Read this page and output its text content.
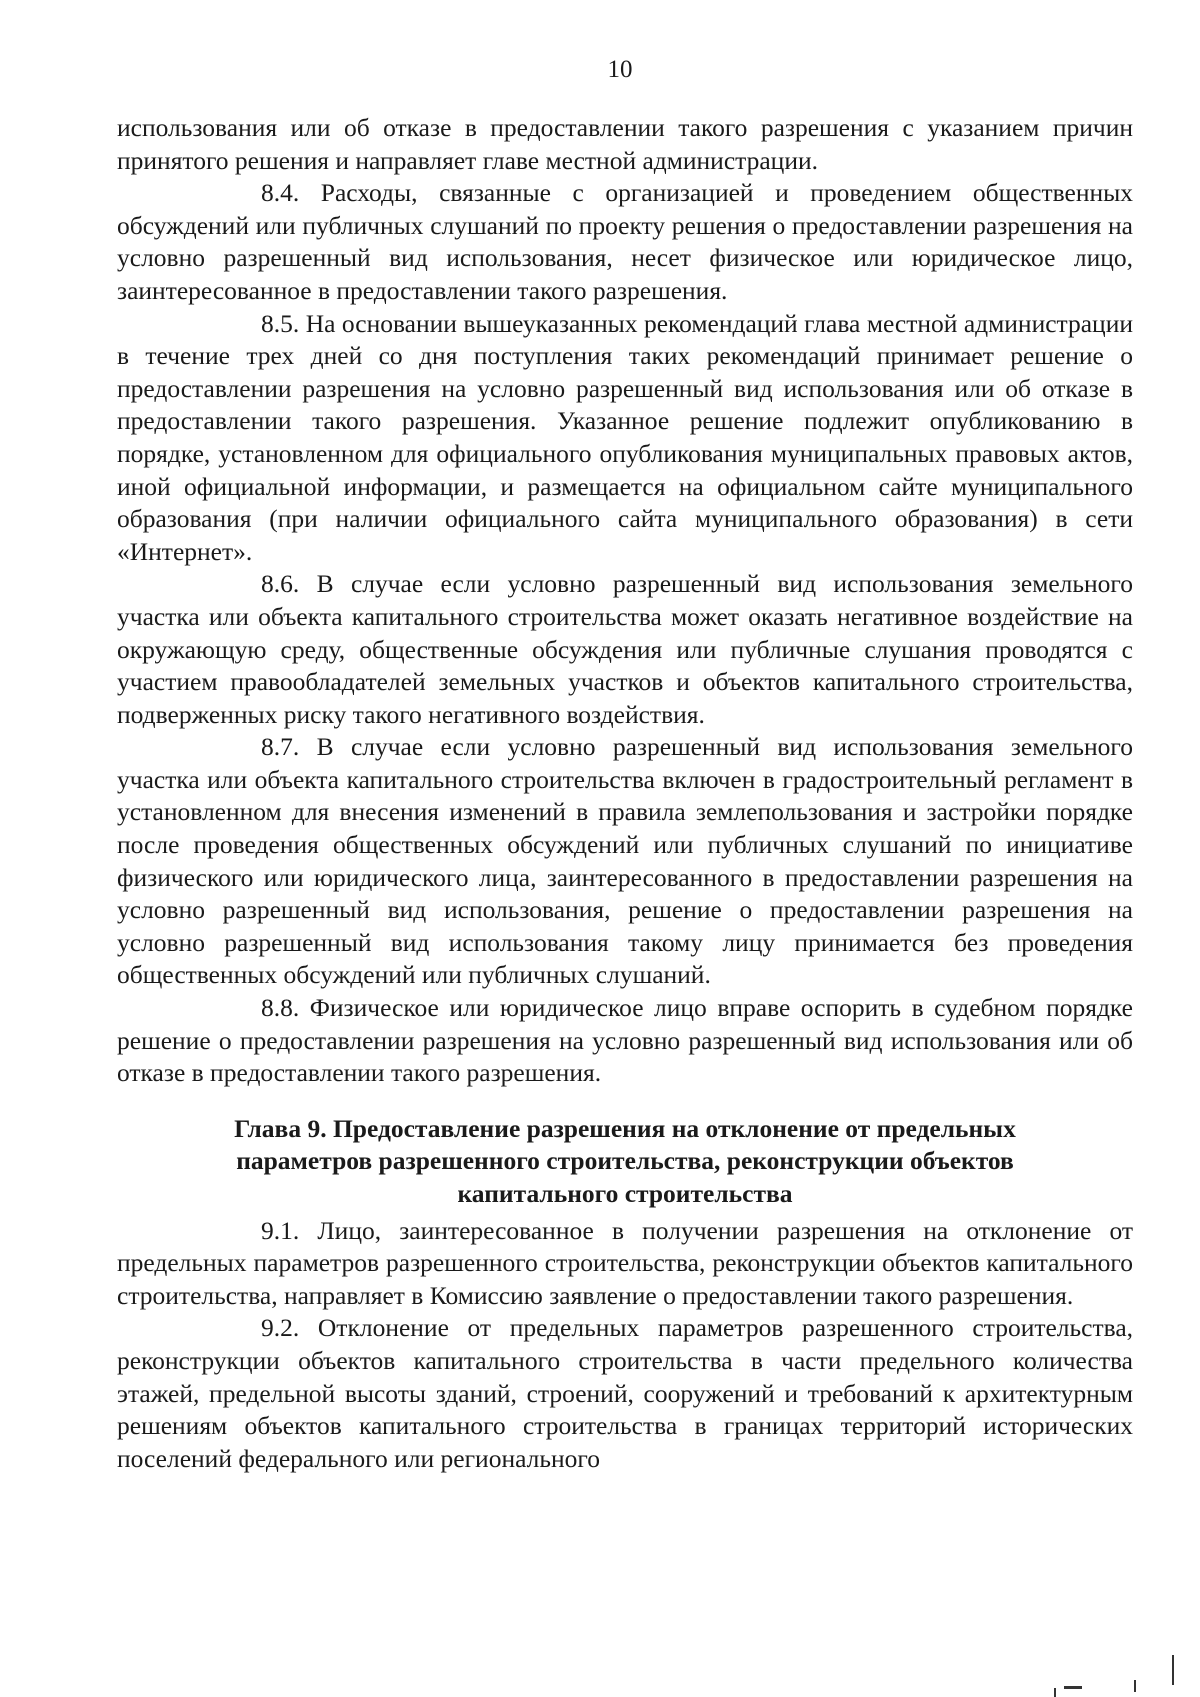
10

использования или об отказе в предоставлении такого разрешения с указанием причин принятого решения и направляет главе местной администрации.

8.4. Расходы, связанные с организацией и проведением общественных обсуждений или публичных слушаний по проекту решения о предоставлении разрешения на условно разрешенный вид использования, несет физическое или юридическое лицо, заинтересованное в предоставлении такого разрешения.

8.5. На основании вышеуказанных рекомендаций глава местной администрации в течение трех дней со дня поступления таких рекомендаций принимает решение о предоставлении разрешения на условно разрешенный вид использования или об отказе в предоставлении такого разрешения. Указанное решение подлежит опубликованию в порядке, установленном для официального опубликования муниципальных правовых актов, иной официальной информации, и размещается на официальном сайте муниципального образования (при наличии официального сайта муниципального образования) в сети «Интернет».

8.6. В случае если условно разрешенный вид использования земельного участка или объекта капитального строительства может оказать негативное воздействие на окружающую среду, общественные обсуждения или публичные слушания проводятся с участием правообладателей земельных участков и объектов капитального строительства, подверженных риску такого негативного воздействия.

8.7. В случае если условно разрешенный вид использования земельного участка или объекта капитального строительства включен в градостроительный регламент в установленном для внесения изменений в правила землепользования и застройки порядке после проведения общественных обсуждений или публичных слушаний по инициативе физического или юридического лица, заинтересованного в предоставлении разрешения на условно разрешенный вид использования, решение о предоставлении разрешения на условно разрешенный вид использования такому лицу принимается без проведения общественных обсуждений или публичных слушаний.

8.8. Физическое или юридическое лицо вправе оспорить в судебном порядке решение о предоставлении разрешения на условно разрешенный вид использования или об отказе в предоставлении такого разрешения.

Глава 9. Предоставление разрешения на отклонение от предельных
параметров разрешенного строительства, реконструкции объектов
капитального строительства

9.1. Лицо, заинтересованное в получении разрешения на отклонение от предельных параметров разрешенного строительства, реконструкции объектов капитального строительства, направляет в Комиссию заявление о предоставлении такого разрешения.

9.2. Отклонение от предельных параметров разрешенного строительства, реконструкции объектов капитального строительства в части предельного количества этажей, предельной высоты зданий, строений, сооружений и требований к архитектурным решениям объектов капитального строительства в границах территорий исторических поселений федерального или регионального
